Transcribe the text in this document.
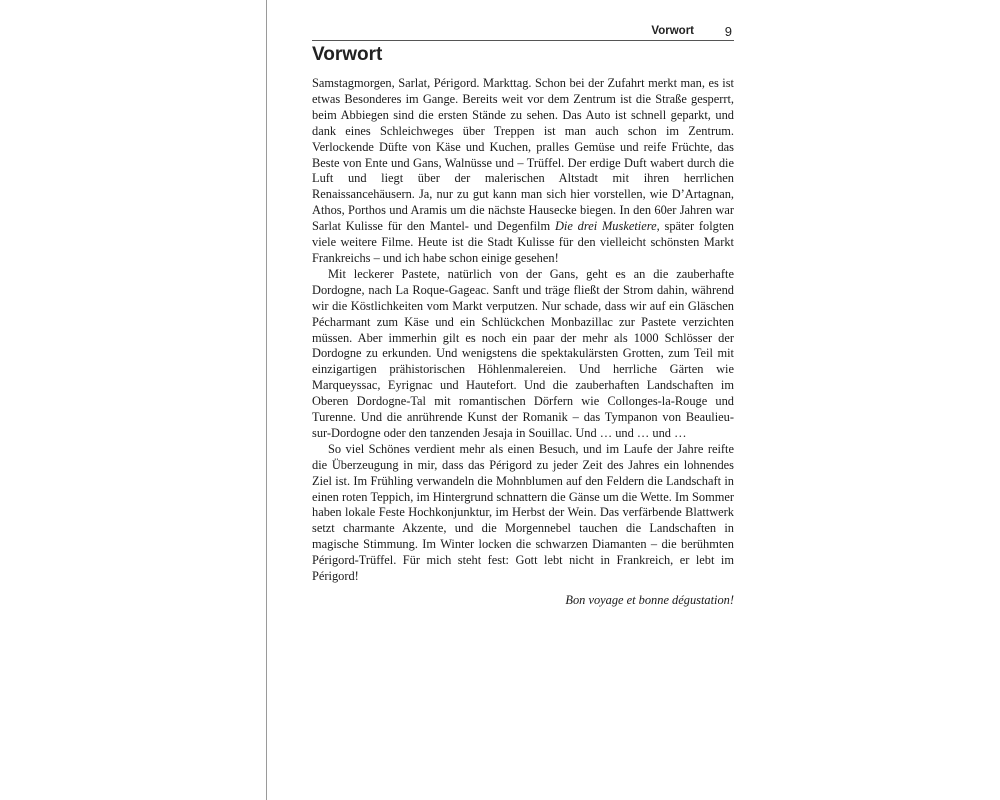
Vorwort 9
Vorwort

Samstagmorgen, Sarlat, Périgord. Markttag. Schon bei der Zufahrt merkt man, es ist etwas Besonderes im Gange. Bereits weit vor dem Zentrum ist die Straße gesperrt, beim Abbiegen sind die ersten Stände zu sehen. Das Auto ist schnell geparkt, und dank eines Schleichweges über Treppen ist man auch schon im Zentrum. Verlockende Düfte von Käse und Kuchen, pralles Gemüse und reife Früchte, das Beste von Ente und Gans, Walnüsse und – Trüffel. Der erdige Duft wabert durch die Luft und liegt über der malerischen Altstadt mit ihren herrlichen Renaissancehäusern. Ja, nur zu gut kann man sich hier vorstellen, wie D’Artagnan, Athos, Porthos und Aramis um die nächste Hausecke biegen. In den 60er Jahren war Sarlat Kulisse für den Mantel- und Degenfilm Die drei Musketiere, später folgten viele weitere Filme. Heute ist die Stadt Kulisse für den vielleicht schönsten Markt Frankreichs – und ich habe schon einige gesehen!

Mit leckerer Pastete, natürlich von der Gans, geht es an die zauberhafte Dordogne, nach La Roque-Gageac. Sanft und träge fließt der Strom dahin, während wir die Köstlichkeiten vom Markt verputzen. Nur schade, dass wir auf ein Gläschen Pécharmant zum Käse und ein Schlückchen Monbazillac zur Pastete verzichten müssen. Aber immerhin gilt es noch ein paar der mehr als 1000 Schlösser der Dordogne zu erkunden. Und wenigstens die spektakulärsten Grotten, zum Teil mit einzigartigen prähistorischen Höhlenmalereien. Und herrliche Gärten wie Marqueyssac, Eyrignac und Hautefort. Und die zauberhaften Landschaften im Oberen Dordogne-Tal mit romantischen Dörfern wie Collonges-la-Rouge und Turenne. Und die anrührende Kunst der Romanik – das Tympanon von Beaulieu-sur-Dordogne oder den tanzenden Jesaja in Souillac. Und … und … und …

So viel Schönes verdient mehr als einen Besuch, und im Laufe der Jahre reifte die Überzeugung in mir, dass das Périgord zu jeder Zeit des Jahres ein lohnendes Ziel ist. Im Frühling verwandeln die Mohnblumen auf den Feldern die Landschaft in einen roten Teppich, im Hintergrund schnattern die Gänse um die Wette. Im Sommer haben lokale Feste Hochkonjunktur, im Herbst der Wein. Das verfärbende Blattwerk setzt charmante Akzente, und die Morgennebel tauchen die Landschaften in magische Stimmung. Im Winter locken die schwarzen Diamanten – die berühmten Périgord-Trüffel. Für mich steht fest: Gott lebt nicht in Frankreich, er lebt im Périgord!

Bon voyage et bonne dégustation!
